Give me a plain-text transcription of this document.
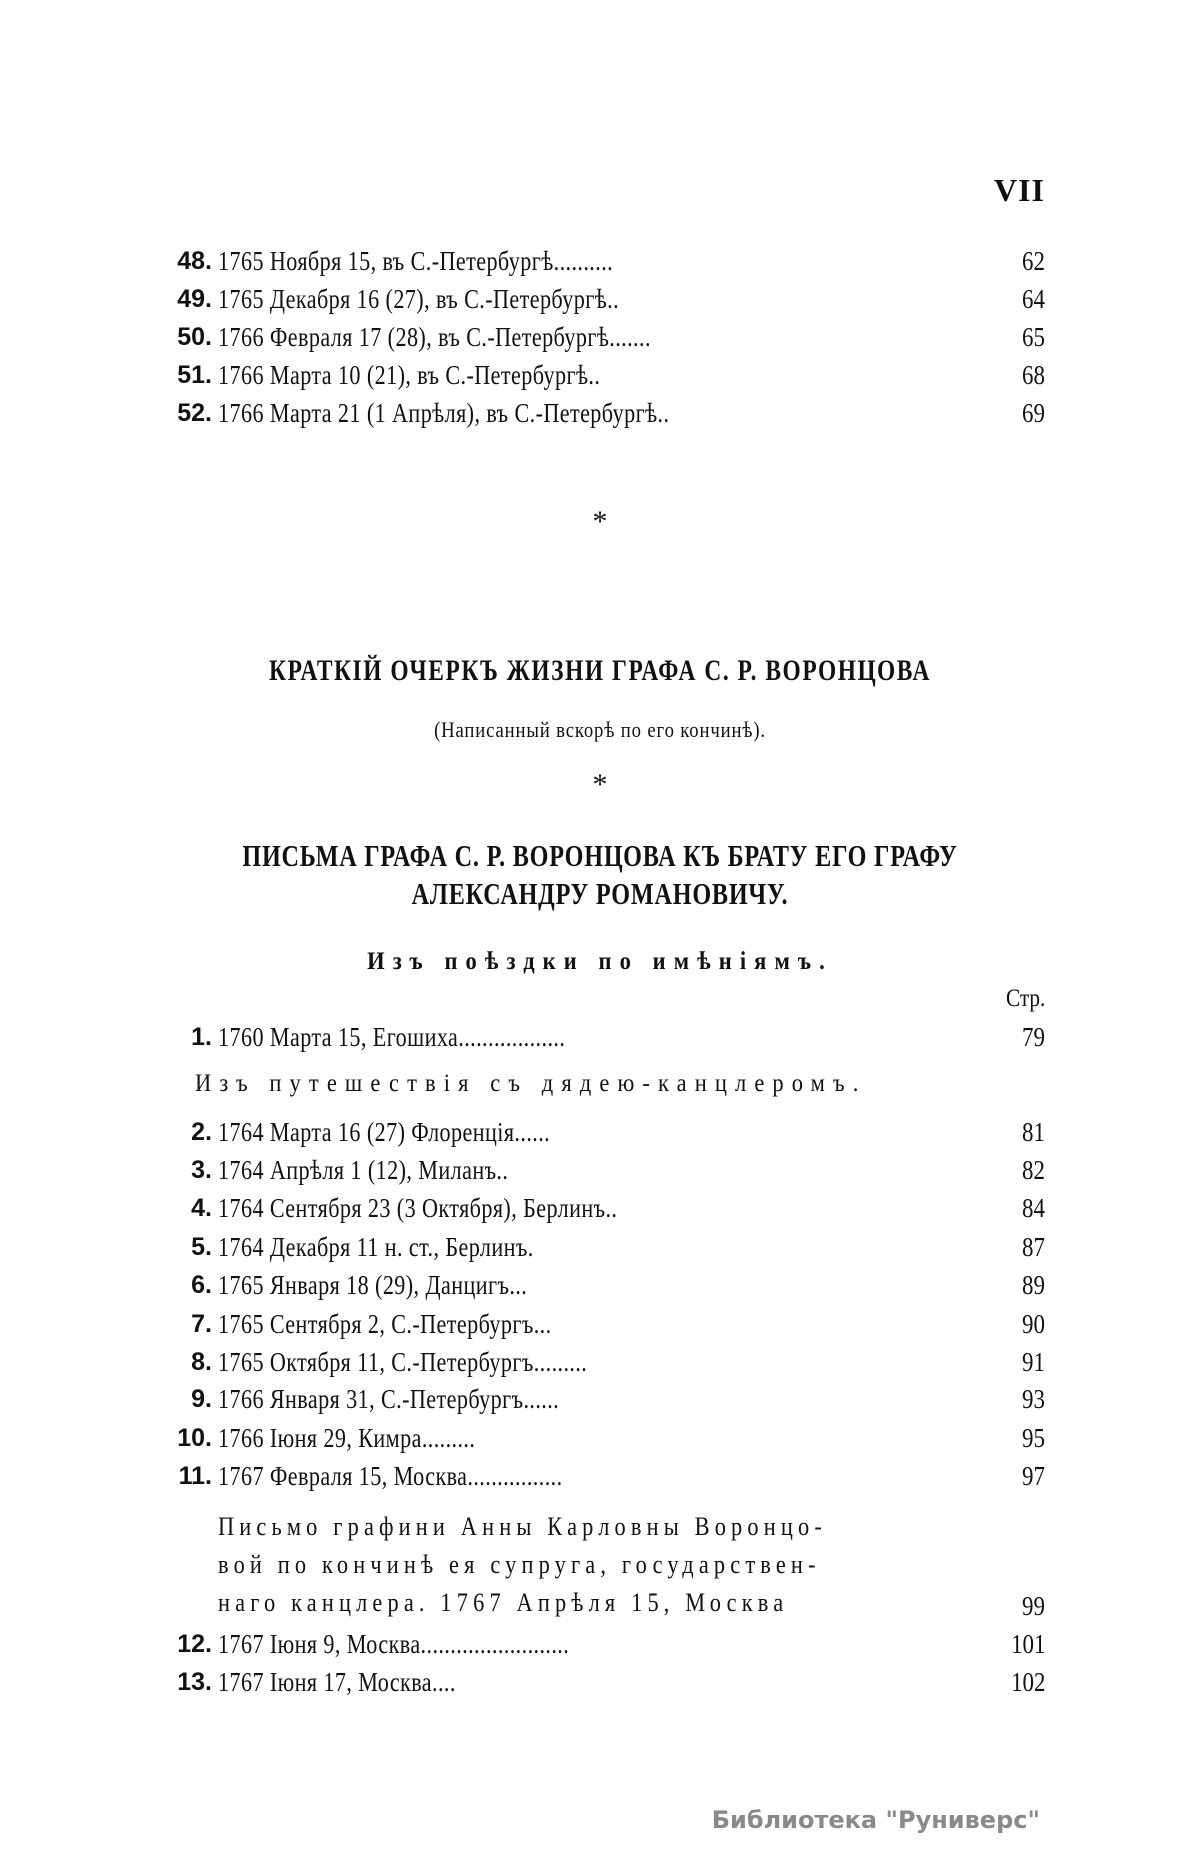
VII
48. 1765 Ноября 15, въ С.-Петербургѣ..........	62
49. 1765 Декабря 16 (27), въ С.-Петербургѣ..	64
50. 1766 Февраля 17 (28), въ С.-Петербургѣ.......	65
51. 1766 Марта 10 (21), въ С.-Петербургѣ..	68
52. 1766 Марта 21 (1 Апрѣля), въ С.-Петербургѣ..	69
*
КРАТКІЙ ОЧЕРКЪ ЖИЗНИ ГРАФА С. Р. ВОРОНЦОВА
(Написанный вскорѣ по его кончинѣ).
*
ПИСЬМА ГРАФА С. Р. ВОРОНЦОВА КЪ БРАТУ ЕГО ГРАФУ
АЛЕКСАНДРУ РОМАНОВИЧУ.
Изъ поѣздки по имѣніямъ.
Стр.
1. 1760 Марта 15, Егошиха..................	79
Изъ путешествія съ дядею-канцлеромъ.
2. 1764 Марта 16 (27) Флоренція......	81
3. 1764 Апрѣля 1 (12), Миланъ..	82
4. 1764 Сентября 23 (3 Октября), Берлинъ..	84
5. 1764 Декабря 11 н. ст., Берлинъ.	87
6. 1765 Января 18 (29), Данцигъ...	89
7. 1765 Сентября 2, С.-Петербургъ...	90
8. 1765 Октября 11, С.-Петербургъ.........	91
9. 1766 Января 31, С.-Петербургъ......	93
10. 1766 Іюня 29, Кимра.........	95
11. 1767 Февраля 15, Москва................	97
Письмо графини Анны Карловны Воронцо-
вой по кончинѣ ея супруга, государствен-
наго канцлера. 1767 Апрѣля 15, Москва	99
12. 1767 Іюня 9, Москва.........................	101
13. 1767 Іюня 17, Москва....	102
Библиотека "Руниверс"
